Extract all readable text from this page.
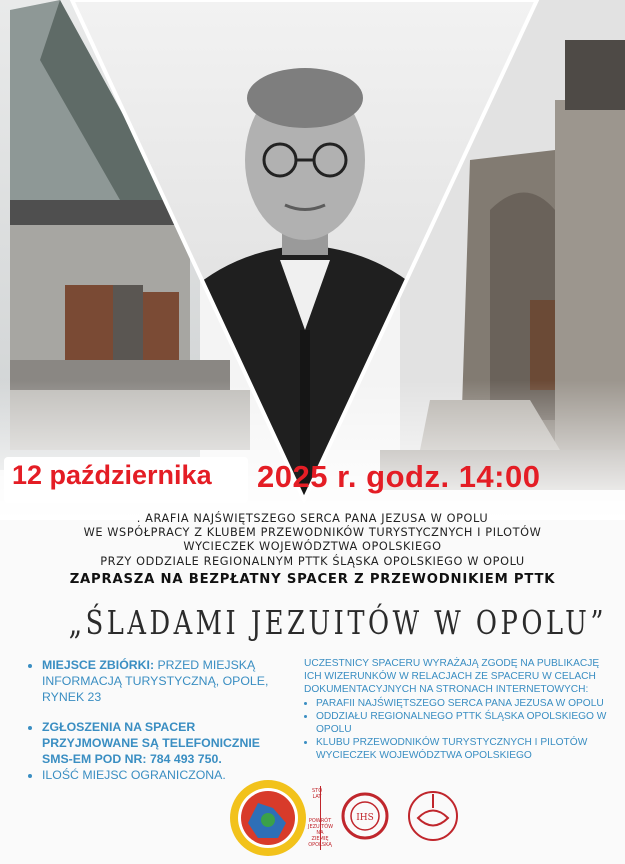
12 października 2025 r. godz. 14:00
. ARAFIA NAJŚWIĘTSZEGO SERCA PANA JEZUSA W OPOLU
WE WSPÓŁPRACY Z KLUBEM PRZEWODNIKÓW TURYSTYCZNYCH I PILOTÓW
WYCIECZEK WOJEWÓDZTWA OPOLSKIEGO
PRZY ODDZIALE REGIONALNYM PTTK ŚLĄSKA OPOLSKIEGO W OPOLU
ZAPRASZA NA BEZPŁATNY SPACER Z PRZEWODNIKIEM PTTK
„ŚLADAMI JEZUITÓW W OPOLU”
• MIEJSCE ZBIÓRKI: PRZED MIEJSKĄ INFORMACJĄ TURYSTYCZNĄ, OPOLE, RYNEK 23
• ZGŁOSZENIA NA SPACER PRZYJMOWANE SĄ TELEFONICZNIE SMS-EM POD NR: 784 493 750.
• ILOŚĆ MIEJSC OGRANICZONA.
UCZESTNICY SPACERU WYRAŻAJĄ ZGODĘ NA PUBLIKACJĘ ICH WIZERUNKÓW W RELACJACH ZE SPACERU W CELACH DOKUMENTACYJNYCH NA STRONACH INTERNETOWYCH:
• PARAFII NAJŚWIĘTSZEGO SERCA PANA JEZUSA W OPOLU
• ODDZIAŁU REGIONALNEGO PTTK ŚLĄSKA OPOLSKIEGO W OPOLU
• KLUBU PRZEWODNIKÓW TURYSTYCZNYCH I PILOTÓW WYCIECZEK WOJEWÓDZTWA OPOLSKIEGO
IHS
STO LAT
POWRÓT JEZUITÓW NA ZIEMIĘ OPOLSKĄ
